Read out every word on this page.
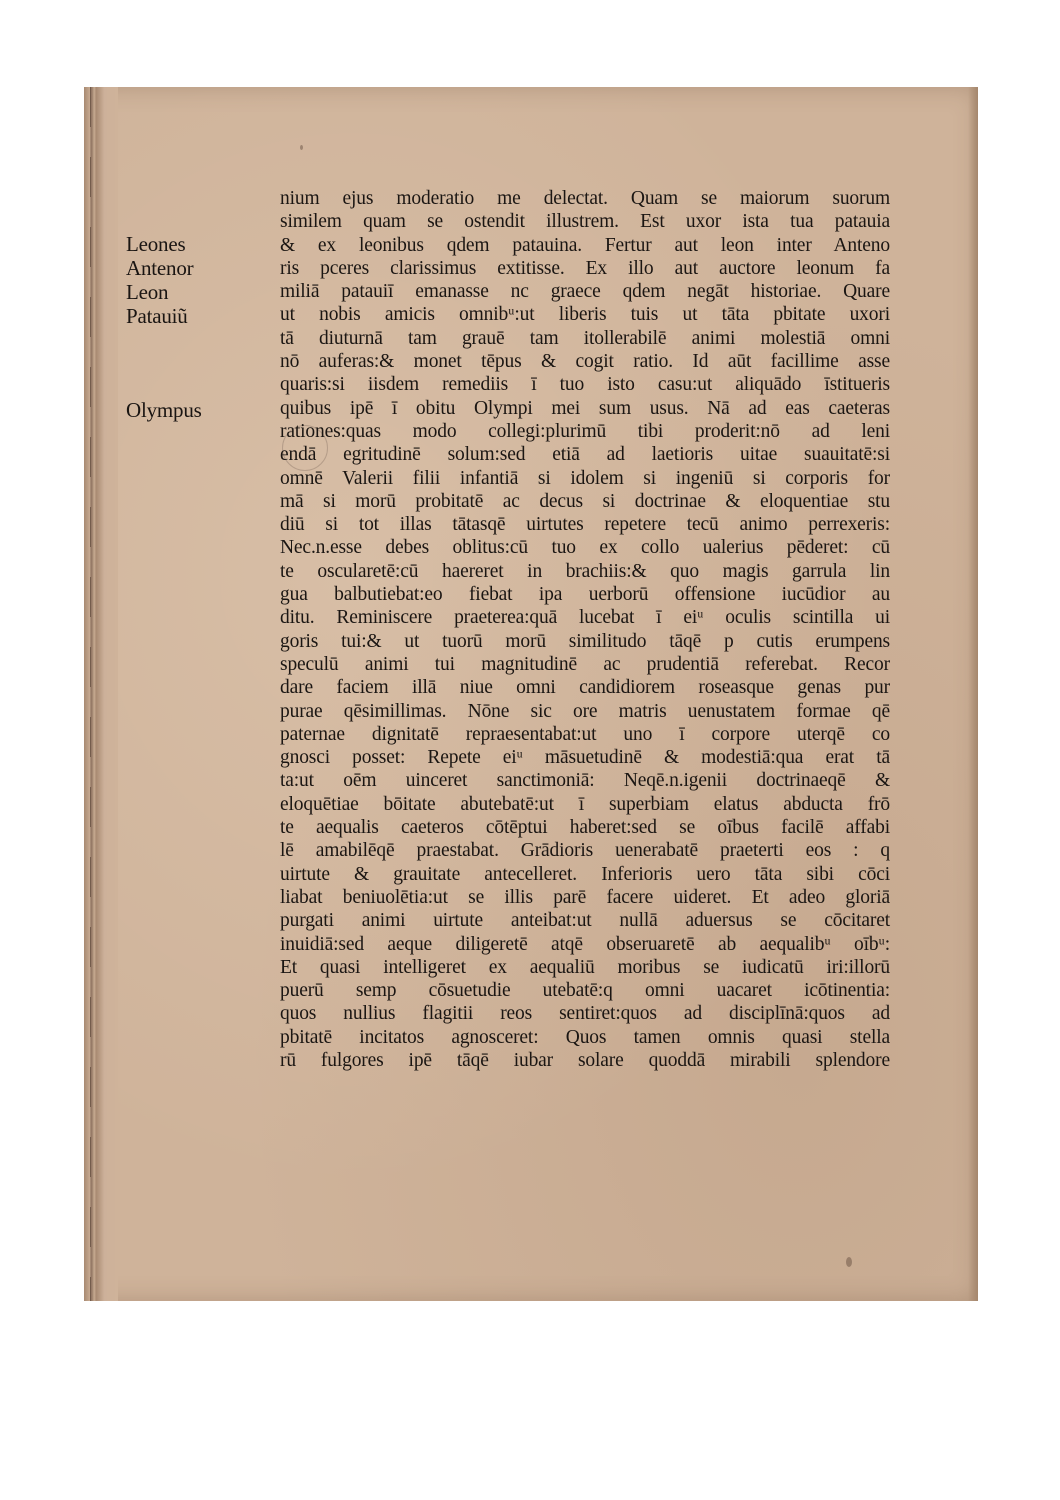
Leones
Antenor
Leon
Patauiũ
Olympus
nium ejus moderatio me delectat. Quam se maiorum suorum
similem quam se ostendit illustrem. Est uxor ista tua patauia
& ex leonibus qdem patauina. Fertur aut leon inter Anteno
ris pceres clarissimus extitisse. Ex illo aut auctore leonum fa
miliā patauiī emanasse nc graece qdem negāt historiae. Quare
ut nobis amicis omnibᵘ:ut liberis tuis ut tāta pbitate uxori
tā diuturnā tam grauē tam itollerabilē animi molestiā omni
nō auferas:& monet tēpus & cogit ratio. Id aūt facillime asse
quaris:si iisdem remediis ī tuo isto casu:ut aliquādo īstitueris
quibus ipē ī obitu Olympi mei sum usus. Nā ad eas caeteras
rationes:quas modo collegi:plurimū tibi proderit:nō ad leni
endā egritudinē solum:sed etiā ad laetioris uitae suauitatē:si
omnē Valerii filii infantiā si idolem si ingeniū si corporis for
mā si morū probitatē ac decus si doctrinae & eloquentiae stu
diū si tot illas tātasqē uirtutes repetere tecū animo perrexeris:
Nec.n.esse debes oblitus:cū tuo ex collo ualerius pēderet: cū
te oscularetē:cū haereret in brachiis:& quo magis garrula lin
gua balbutiebat:eo fiebat ipa uerborū offensione iucūdior au
ditu. Reminiscere praeterea:quā lucebat ī eiᵘ oculis scintilla ui
goris tui:& ut tuorū morū similitudo tāqē p cutis erumpens
speculū animi tui magnitudinē ac prudentiā referebat. Recor
dare faciem illā niue omni candidiorem roseasque genas pur
purae qēsimillimas. Nōne sic ore matris uenustatem formae qē
paternae dignitatē repraesentabat:ut uno ī corpore uterqē co
gnosci posset: Repete eiᵘ māsuetudinē & modestiā:qua erat tā
ta:ut oēm uinceret sanctimoniā: Neqē.n.igenii doctrinaeqē &
eloquētiae bōitate abutebatē:ut ī superbiam elatus abducta frō
te aequalis caeteros cōtēptui haberet:sed se oībus facilē affabi
lē amabilēqē praestabat. Grādioris uenerabatē praeterti eos : q
uirtute & grauitate antecelleret. Inferioris uero tāta sibi cōci
liabat beniuolētia:ut se illis parē facere uideret. Et adeo gloriā
purgati animi uirtute anteibat:ut nullā aduersus se cōcitaret
inuidiā:sed aeque diligeretē atqē obseruaretē ab aequalibᵘ oībᵘ:
Et quasi intelligeret ex aequaliū moribus se iudicatū iri:illorū
puerū semp cōsuetudie utebatē:q omni uacaret icōtinentia:
quos nullius flagitii reos sentiret:quos ad disciplīnā:quos ad
pbitatē incitatos agnosceret: Quos tamen omnis quasi stella
rū fulgores ipē tāqē iubar solare quoddā mirabili splendore
